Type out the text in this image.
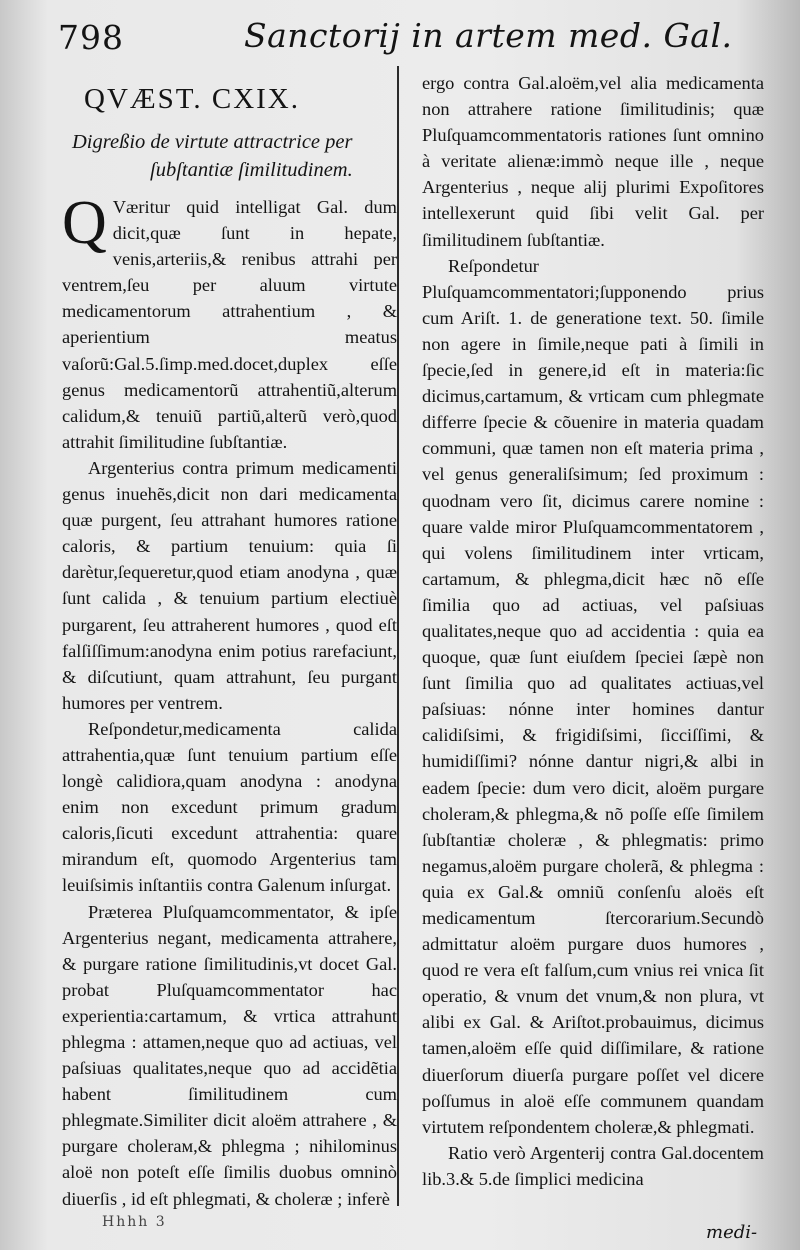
798	Sanctorij in artem med. Gal.

QVÆST. CXIX.

Digreßio de virtute attractrice per
ſubſtantiæ ſimilitudinem.

QVæritur quid intelligat Gal. dum dicit,quæ ſunt in hepate, venis,arteriis,& renibus attrahi per ventrem,ſeu per aluum virtute medicamentorum attrahentium , & aperientium meatus vaſorũ:Gal.5.ſimp.med.docet,duplex eſſe genus medicamentorũ attrahentiũ,alterum calidum,& tenuiũ partiũ,alterũ verò,quod attrahit ſimilitudine ſubſtantiæ.

Argenterius contra primum medicamenti genus inuehẽs,dicit non dari medicamenta quæ purgent, ſeu attrahant humores ratione caloris, & partium tenuium: quia ſi darètur,ſequeretur,quod etiam anodyna , quæ ſunt calida , & tenuium partium electiuè purgarent, ſeu attraherent humores , quod eſt falſiſſimum:anodyna enim potius rarefaciunt, & diſcutiunt, quam attrahunt, ſeu purgant humores per ventrem.

Reſpondetur,medicamenta calida attrahentia,quæ ſunt tenuium partium eſſe longè calidiora,quam anodyna : anodyna enim non excedunt primum gradum caloris,ſicuti excedunt attrahentia: quare mirandum eſt, quomodo Argenterius tam leuiſsimis inſtantiis contra Galenum inſurgat.

Præterea Pluſquamcommentator, & ipſe Argenterius negant, medicamenta attrahere, & purgare ratione ſimilitudinis,vt docet Gal. probat Pluſquamcommentator hac experientia:cartamum, & vrtica attrahunt phlegma : attamen,neque quo ad actiuas, vel paſsiuas qualitates,neque quo ad accidẽtia habent ſimilitudinem cum phlegmate.Similiter dicit aloëm attrahere , & purgare cholerам,& phlegma ; nihilominus aloë non poteſt eſſe ſimilis duobus omninò diuerſis , id eſt phlegmati, & choleræ ; inferè

ergo contra Gal.aloëm,vel alia medicamenta non attrahere ratione ſimilitudinis; quæ Pluſquamcommentatoris rationes ſunt omnino à veritate alienæ:immò neque ille , neque Argenterius , neque alij plurimi Expoſitores intellexerunt quid ſibi velit Gal. per ſimilitudinem ſubſtantiæ.

Reſpondetur Pluſquamcommentatori;ſupponendo prius cum Ariſt. 1. de generatione text. 50. ſimile non agere in ſimile,neque pati à ſimili in ſpecie,ſed in genere,id eſt in materia:ſic dicimus,cartamum, & vrticam cum phlegmate differre ſpecie & cõuenire in materia quadam communi, quæ tamen non eſt materia prima , vel genus generaliſsimum; ſed proximum : quodnam vero ſit, dicimus carere nomine : quare valde miror Pluſquamcommentatorem , qui volens ſimilitudinem inter vrticam, cartamum, & phlegma,dicit hæc nõ eſſe ſimilia quo ad actiuas, vel paſsiuas qualitates,neque quo ad accidentia : quia ea quoque, quæ ſunt eiuſdem ſpeciei ſæpè non ſunt ſimilia quo ad qualitates actiuas,vel paſsiuas: nónne inter homines dantur calidiſsimi, & frigidiſsimi, ſicciſſimi, & humidiſſimi? nónne dantur nigri,& albi in eadem ſpecie: dum vero dicit, aloëm purgare choleram,& phlegma,& nõ poſſe eſſe ſimilem ſubſtantiæ choleræ , & phlegmatis: primo negamus,aloëm purgare cholerã, & phlegma : quia ex Gal.& omniũ conſenſu aloës eſt medicamentum ſtercorarium.Secundò admittatur aloëm purgare duos humores , quod re vera eſt falſum,cum vnius rei vnica ſit operatio, & vnum det vnum,& non plura, vt alibi ex Gal. & Ariſtot.probauimus, dicimus tamen,aloëm eſſe quid diſſimilare, & ratione diuerſorum diuerſa purgare poſſet vel dicere poſſumus in aloë eſſe communem quandam virtutem reſpondentem choleræ,& phlegmati.

Ratio verò Argenterij contra Gal.docentem lib.3.& 5.de ſimplici medicina

Hhhh 3	medi-
